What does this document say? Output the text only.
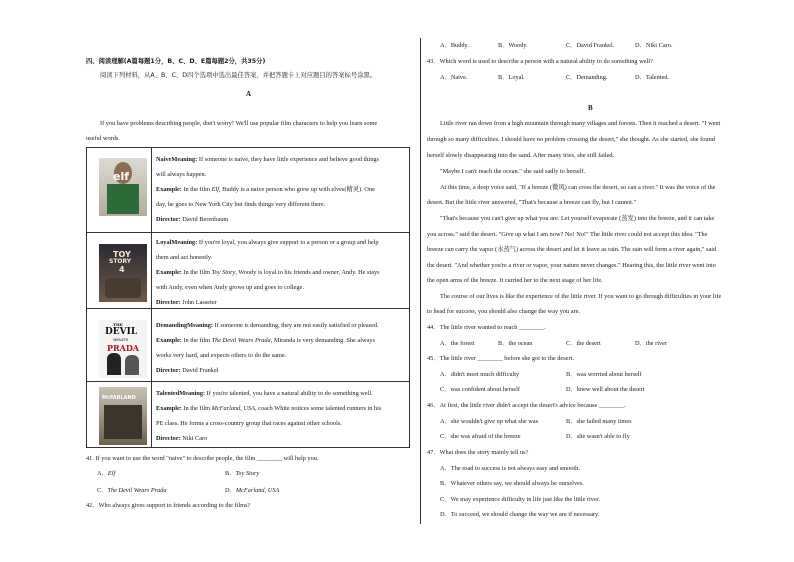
四、阅读理解(A篇每题1分，B、C、D、E篇每题2分，共35分)
阅读下列材料，从A、B、C、D四个选项中选出最佳答案，并把答题卡上对应题目的答案标号涂黑。
A
If you have problems describing people, don't worry! We'll use popular film characters to help you learn some
useful words.
elf
TOY
STORY
4
THE
DEVIL
wears
PRADA
McFARLAND
NaiveMeaning: If someone is naive, they have little experience and believe good things
will always happen.
Example: In the film Elf, Buddy is a naive person who grew up with elves(精灵). One
day, he goes to New York City but finds things very different there.
Director: David Berenbaum
LoyalMeaning: If you're loyal, you always give support to a person or a group and help
them and act honestly.
Example: In the film Toy Story, Woody is loyal to his friends and owner, Andy. He stays
with Andy, even when Andy grows up and goes to college.
Director: John Lasseter
DemandingMeaning: If someone is demanding, they are not easily satisfied or pleased.
Example: In the film The Devil Wears Prada, Miranda is very demanding. She always
works very hard, and expects others to do the same.
Director: David Frankel
TalentedMeaning: If you're talented, you have a natural ability to do something well.
Example: In the film McFarland, USA, coach White notices some talented runners in his
PE class. He forms a cross-country group that races against other schools.
Director: Niki Caro
41. If you want to use the word "naive" to describe people, the film ________ will help you.
A．Elf	B．Toy Story
C．The Devil Wears Prada	D．McFarland, USA
42．Who always gives support to friends according to the films?
A．Buddy.	B．Woody.	C．David Frankel.	D．Niki Caro.
43．Which word is used to describe a person with a natural ability to do something well?
A．Naive.	B．Loyal.	C．Demanding.	D．Talented.
B
Little river ran down from a high mountain through many villages and forests. Then it reached a desert. "I went
through so many difficulties. I should have no problem crossing the desert," she thought. As she started, she found
herself slowly disappearing into the sand. After many tries, she still failed.
"Maybe I can't reach the ocean." she said sadly to herself.
At this time, a deep voice said, "If a breeze (微风) can cross the desert, so can a river." It was the voice of the
desert. But the little river answered, "That's because a breeze can fly, but I cannot."
"That's because you can't give up what you are. Let yourself evaporate (蒸发) into the breeze, and it can take
you across." said the desert. "Give up what I am now? No! No!" The little river could not accept this idea. "The
breeze can carry the vapor (水蒸气) across the desert and let it leave as rain. The rain will form a river again," said
the desert. "And whether you're a river or vapor, your nature never changes." Hearing this, the little river went into
the open arms of the breeze. It carried her to the next stage of her life.
The course of our lives is like the experience of the little river. If you want to go through difficulties in your life
to head for success, you should also change the way you are.
44．The little river wanted to reach ________.
A．the forest	B．the ocean	C．the desert	D．the river
45．The little river ________ before she got to the desert.
A．didn't meet much difficulty	B．was worried about herself
C．was confident about herself	D．knew well about the desert
46．At first, the little river didn't accept the desert's advice because ________.
A．she wouldn't give up what she was	B．she failed many times
C．she was afraid of the breeze	D．she wasn't able to fly
47．What does the story mainly tell us?
A．The road to success is not always easy and smooth.
B．Whatever others say, we should always be ourselves.
C．We may experience difficulty in life just like the little river.
D．To succeed, we should change the way we are if necessary.
